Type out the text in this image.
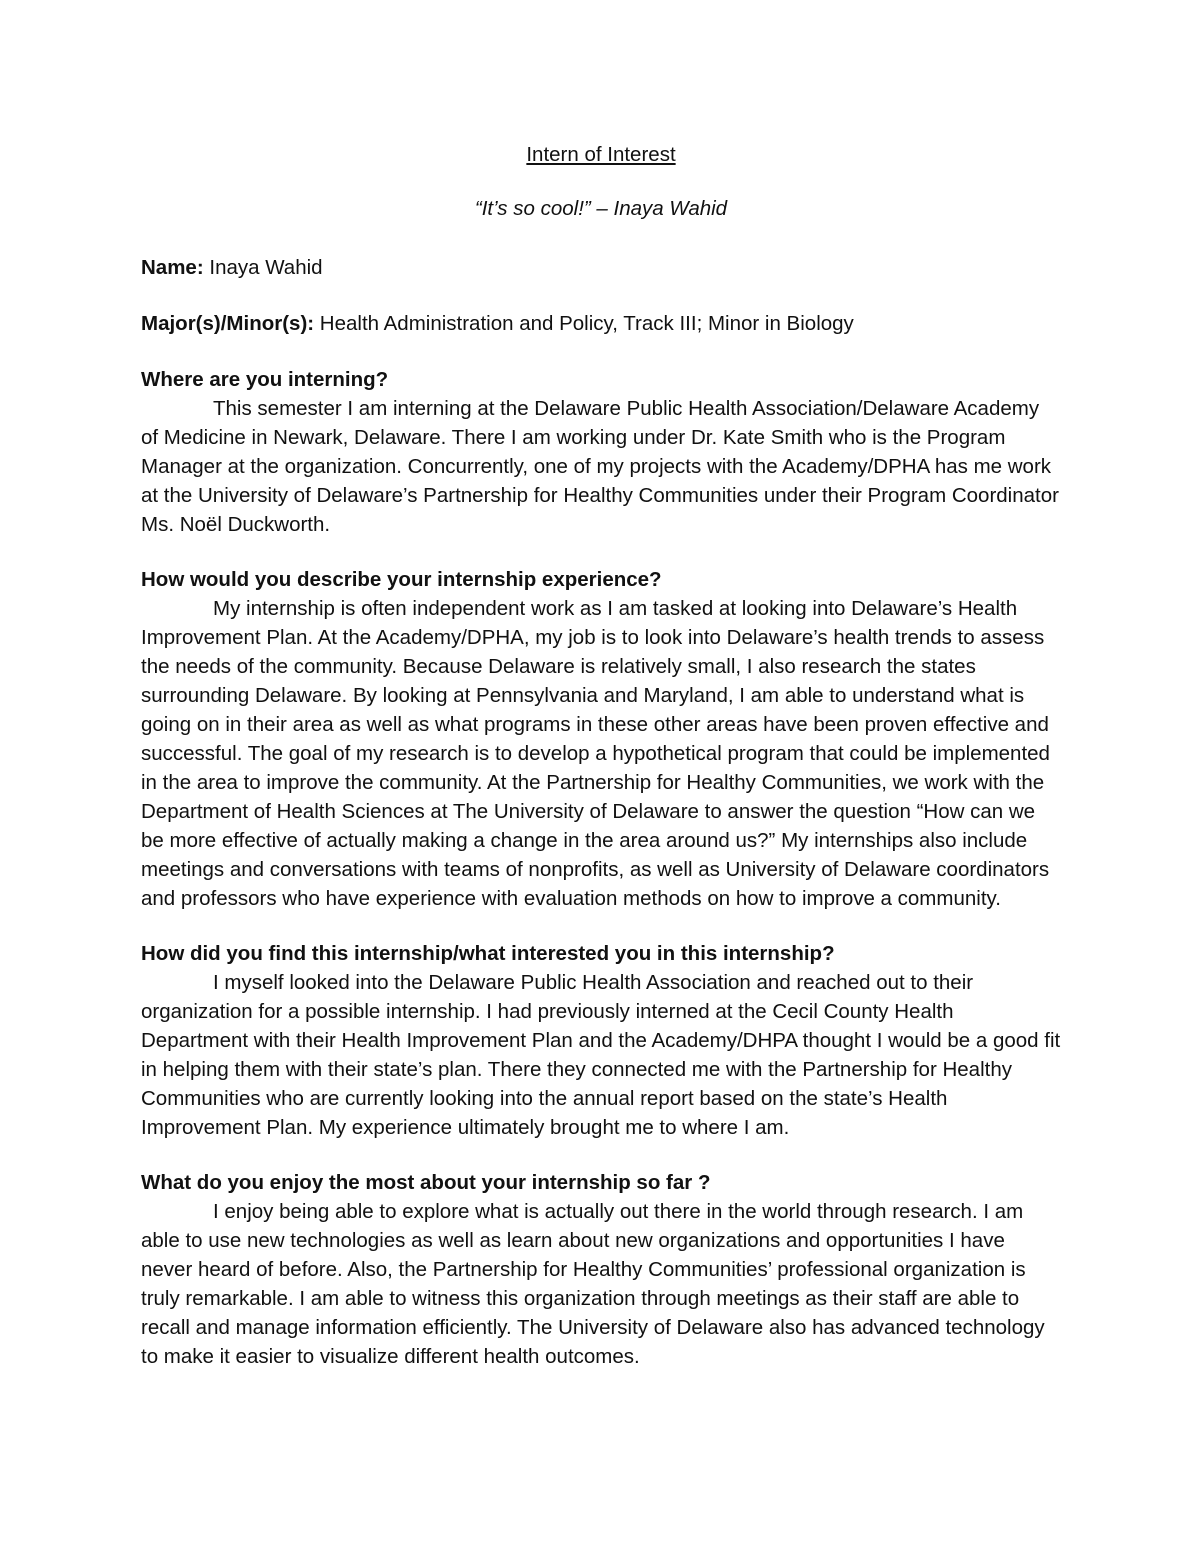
Intern of Interest

“It’s so cool!” – Inaya Wahid

Name: Inaya Wahid

Major(s)/Minor(s): Health Administration and Policy, Track III; Minor in Biology

Where are you interning?

This semester I am interning at the Delaware Public Health Association/Delaware Academy of Medicine in Newark, Delaware. There I am working under Dr. Kate Smith who is the Program Manager at the organization. Concurrently, one of my projects with the Academy/DPHA has me work at the University of Delaware’s Partnership for Healthy Communities under their Program Coordinator Ms. Noël Duckworth.

How would you describe your internship experience?

My internship is often independent work as I am tasked at looking into Delaware’s Health Improvement Plan. At the Academy/DPHA, my job is to look into Delaware’s health trends to assess the needs of the community. Because Delaware is relatively small, I also research the states surrounding Delaware. By looking at Pennsylvania and Maryland, I am able to understand what is going on in their area as well as what programs in these other areas have been proven effective and successful. The goal of my research is to develop a hypothetical program that could be implemented in the area to improve the community. At the Partnership for Healthy Communities, we work with the Department of Health Sciences at The University of Delaware to answer the question “How can we be more effective of actually making a change in the area around us?” My internships also include meetings and conversations with teams of nonprofits, as well as University of Delaware coordinators and professors who have experience with evaluation methods on how to improve a community.

How did you find this internship/what interested you in this internship?

I myself looked into the Delaware Public Health Association and reached out to their organization for a possible internship. I had previously interned at the Cecil County Health Department with their Health Improvement Plan and the Academy/DHPA thought I would be a good fit in helping them with their state’s plan. There they connected me with the Partnership for Healthy Communities who are currently looking into the annual report based on the state’s Health Improvement Plan. My experience ultimately brought me to where I am.

What do you enjoy the most about your internship so far ?

I enjoy being able to explore what is actually out there in the world through research. I am able to use new technologies as well as learn about new organizations and opportunities I have never heard of before. Also, the Partnership for Healthy Communities’ professional organization is truly remarkable. I am able to witness this organization through meetings as their staff are able to recall and manage information efficiently. The University of Delaware also has advanced technology to make it easier to visualize different health outcomes.
